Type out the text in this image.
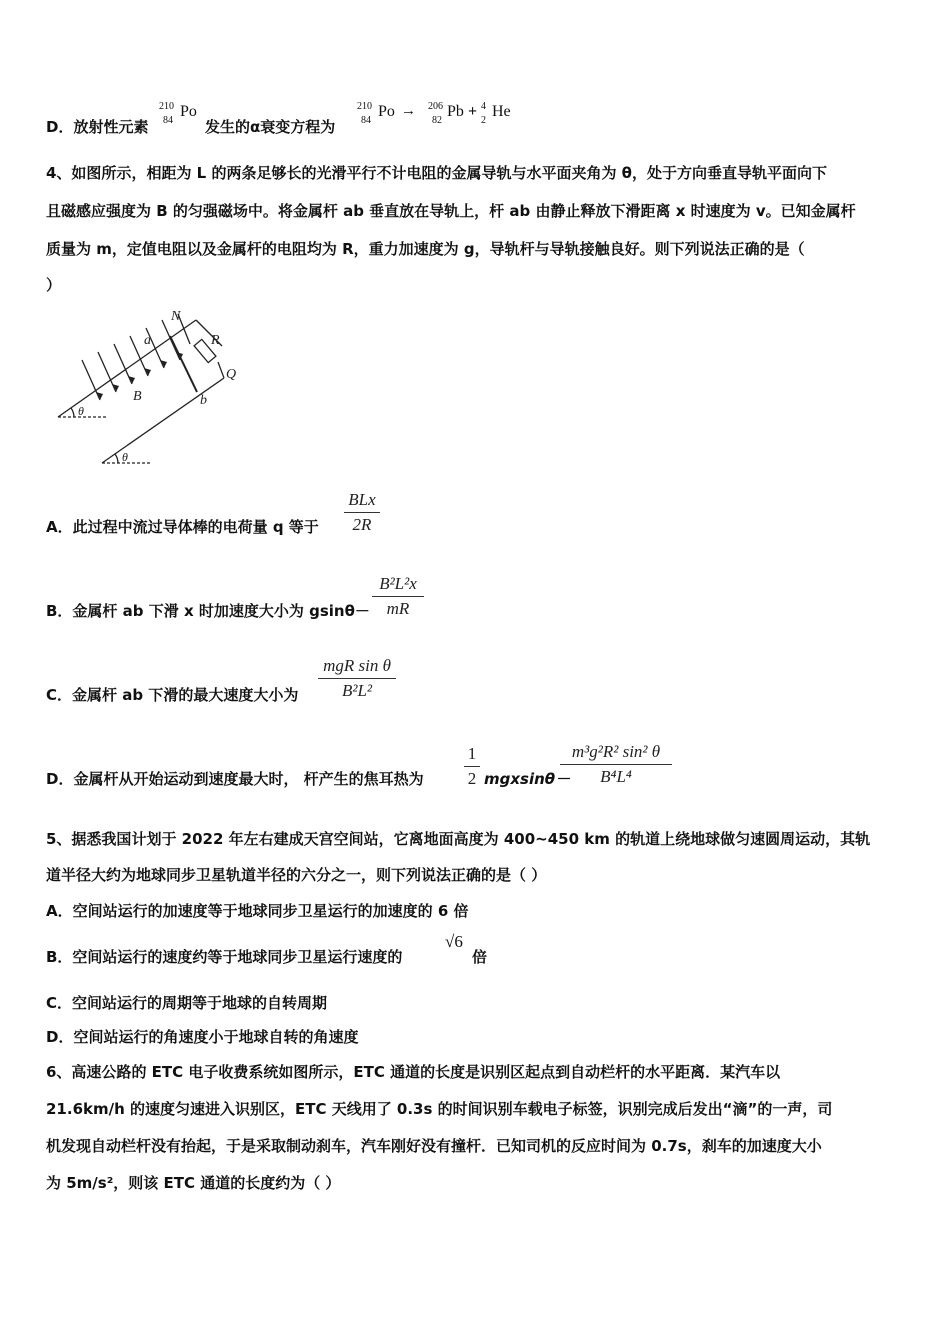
D．放射性元素
210
84
Po
发生的α衰变方程为
210
84
Po → 206
82
Pb + 4
2
He
4、如图所示，相距为 L 的两条足够长的光滑平行不计电阻的金属导轨与水平面夹角为 θ，处于方向垂直导轨平面向下
且磁感应强度为 B 的匀强磁场中。将金属杆 ab 垂直放在导轨上，杆 ab 由静止释放下滑距离 x 时速度为 v。已知金属杆
质量为 m，定值电阻以及金属杆的电阻均为 R，重力加速度为 g，导轨杆与导轨接触良好。则下列说法正确的是（
）
N
R
a
Q
B	b
θ
θ
A．此过程中流过导体棒的电荷量 q 等于
BLx
2R
B．金属杆 ab 下滑 x 时加速度大小为 gsinθ－
B²L²x
mR
C．金属杆 ab 下滑的最大速度大小为
mgR sin θ
B²L²
D．金属杆从开始运动到速度最大时， 杆产生的焦耳热为
1
2 mgxsinθ－
m³g²R² sin² θ
B⁴L⁴
5、据悉我国计划于 2022 年左右建成天宫空间站，它离地面高度为 400~450 km 的轨道上绕地球做匀速圆周运动，其轨
道半径大约为地球同步卫星轨道半径的六分之一，则下列说法正确的是（ ）
A．空间站运行的加速度等于地球同步卫星运行的加速度的 6 倍
B．空间站运行的速度约等于地球同步卫星运行速度的
√6
倍
C．空间站运行的周期等于地球的自转周期
D．空间站运行的角速度小于地球自转的角速度
6、高速公路的 ETC 电子收费系统如图所示，ETC 通道的长度是识别区起点到自动栏杆的水平距离．某汽车以
21.6km/h 的速度匀速进入识别区，ETC 天线用了 0.3s 的时间识别车载电子标签，识别完成后发出“滴”的一声，司
机发现自动栏杆没有抬起，于是采取制动刹车，汽车刚好没有撞杆．已知司机的反应时间为 0.7s，刹车的加速度大小
为 5m/s²，则该 ETC 通道的长度约为（ ）
